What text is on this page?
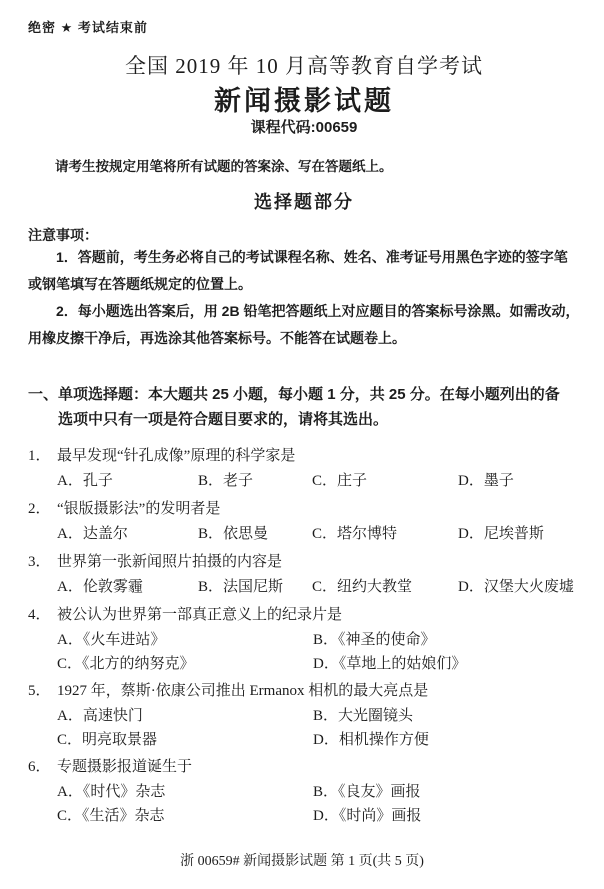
绝密 ★ 考试结束前
全国 2019 年 10 月高等教育自学考试
新闻摄影试题
课程代码:00659
请考生按规定用笔将所有试题的答案涂、写在答题纸上。
选择题部分
注意事项：
1．答题前，考生务必将自己的考试课程名称、姓名、准考证号用黑色字迹的签字笔或钢笔填写在答题纸规定的位置上。
2．每小题选出答案后，用 2B 铅笔把答题纸上对应题目的答案标号涂黑。如需改动，用橡皮擦干净后，再选涂其他答案标号。不能答在试题卷上。
一、单项选择题：本大题共 25 小题，每小题 1 分，共 25 分。在每小题列出的备选项中只有一项是符合题目要求的，请将其选出。
1． 最早发现“针孔成像”原理的科学家是
A．孔子	B．老子	C．庄子	D．墨子
2． “银版摄影法”的发明者是
A．达盖尔	B．依思曼	C．塔尔博特	D．尼埃普斯
3． 世界第一张新闻照片拍摄的内容是
A．伦敦雾霾	B．法国尼斯	C．纽约大教堂	D．汉堡大火废墟
4． 被公认为世界第一部真正意义上的纪录片是
A．《火车进站》	B．《神圣的使命》
C．《北方的纳努克》	D．《草地上的姑娘们》
5． 1927 年，蔡斯·依康公司推出 Ermanox 相机的最大亮点是
A．高速快门	B．大光圈镜头
C．明亮取景器	D．相机操作方便
6． 专题摄影报道诞生于
A．《时代》杂志	B．《良友》画报
C．《生活》杂志	D．《时尚》画报
浙 00659# 新闻摄影试题 第 1 页(共 5 页)
